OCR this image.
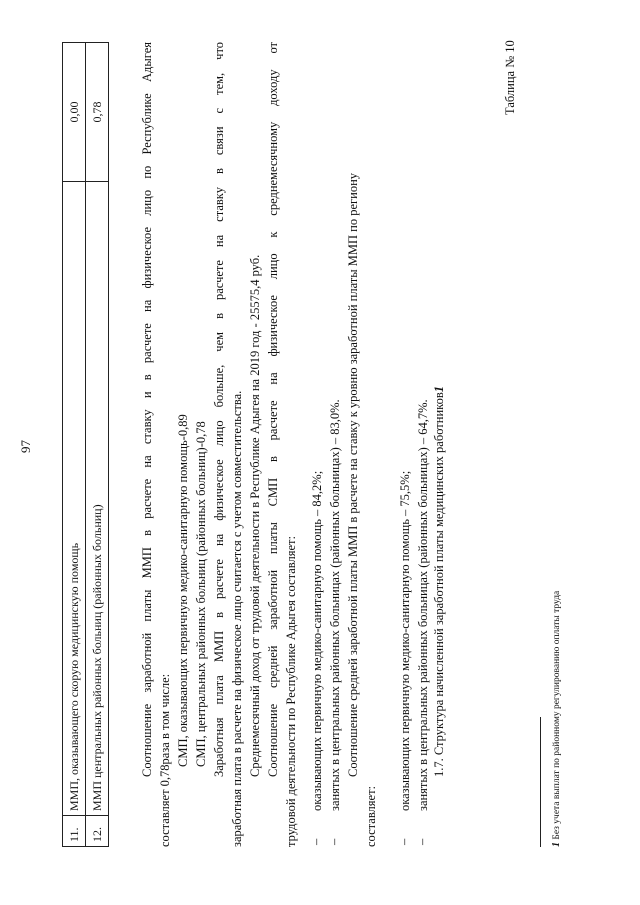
97
11.	ММП, оказывающего скорую медицинскую помощь	0,00
12.	ММП центральных районных больниц (районных больниц)	0,78	Соотношение заработной платы ММП в расчете на ставку и в расчете на физическое лицо по Республике Адыгея составляет 0,78раза в том числе: СМП, оказывающих первичную медико-санитарную помощь-0,89 СМП, центральных районных больниц (районных больниц)-0,78 Заработная плата ММП в расчете на физическое лицо больше, чем в расчете на ставку в связи с тем, что заработная плата в расчете на физическое лицо считается с учетом совместительства. Среднемесячный доход от трудовой деятельности в Республике Адыгея на 2019 год - 25575,4 руб. Соотношение средней заработной платы СМП в расчете на физическое лицо к среднемесячному доходу от трудовой деятельности по Республике Адыгея составляет: –
оказывающих первичную медико-санитарную помощь – 84,2%;
–
занятых в центральных районных больницах (районных больницах) – 83,0%. Соотношение средней заработной платы ММП в расчете на ставку к уровню заработной платы ММП по региону
составляет: –
оказывающих первичную медико-санитарную помощь – 75,5%;
–
занятых в центральных районных больницах (районных больницах) – 64,7%. 1.7. Структура начисленной заработной платы медицинских работников1
Таблица № 10
1 Без учета выплат по районному регулированию оплаты труда
